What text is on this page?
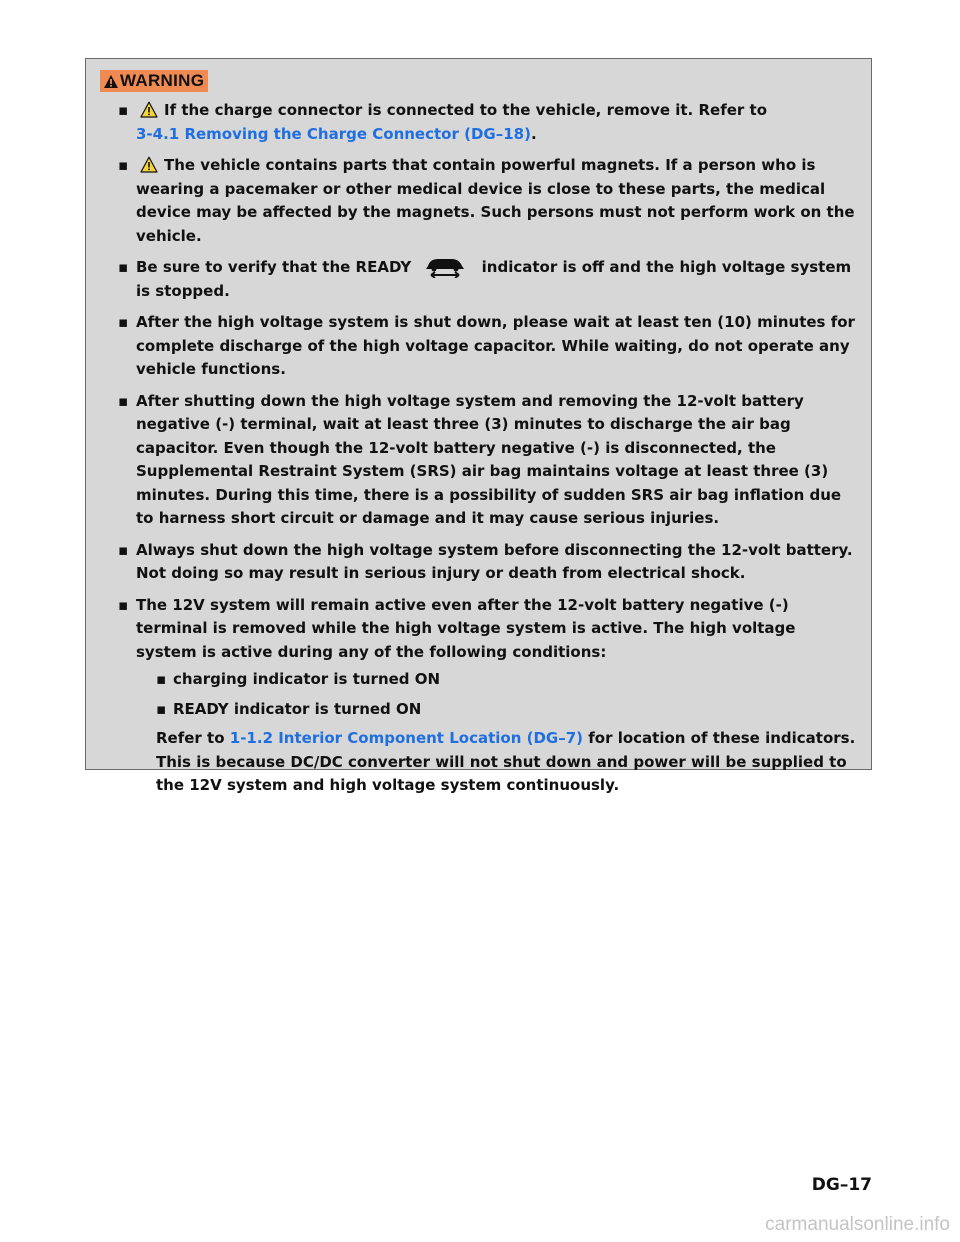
WARNING
▪ If the charge connector is connected to the vehicle, remove it. Refer to
3-4.1 Removing the Charge Connector (DG–18).
▪ The vehicle contains parts that contain powerful magnets. If a person who is wearing a pacemaker or other medical device is close to these parts, the medical device may be affected by the magnets. Such persons must not perform work on the vehicle.
▪ Be sure to verify that the READY	indicator is off and the high voltage system is stopped.
▪ After the high voltage system is shut down, please wait at least ten (10) minutes for complete discharge of the high voltage capacitor. While waiting, do not operate any vehicle functions.
▪ After shutting down the high voltage system and removing the 12-volt battery negative (-) terminal, wait at least three (3) minutes to discharge the air bag capacitor. Even though the 12-volt battery negative (-) is disconnected, the Supplemental Restraint System (SRS) air bag maintains voltage at least three (3) minutes. During this time, there is a possibility of sudden SRS air bag inflation due to harness short circuit or damage and it may cause serious injuries.
▪ Always shut down the high voltage system before disconnecting the 12-volt battery. Not doing so may result in serious injury or death from electrical shock.
▪ The 12V system will remain active even after the 12-volt battery negative (-) terminal is removed while the high voltage system is active. The high voltage system is active during any of the following conditions:
▪ charging indicator is turned ON
▪ READY indicator is turned ON
Refer to 1-1.2 Interior Component Location (DG–7) for location of these indicators. This is because DC/DC converter will not shut down and power will be supplied to the 12V system and high voltage system continuously.
DG–17
carmanualsonline.info
